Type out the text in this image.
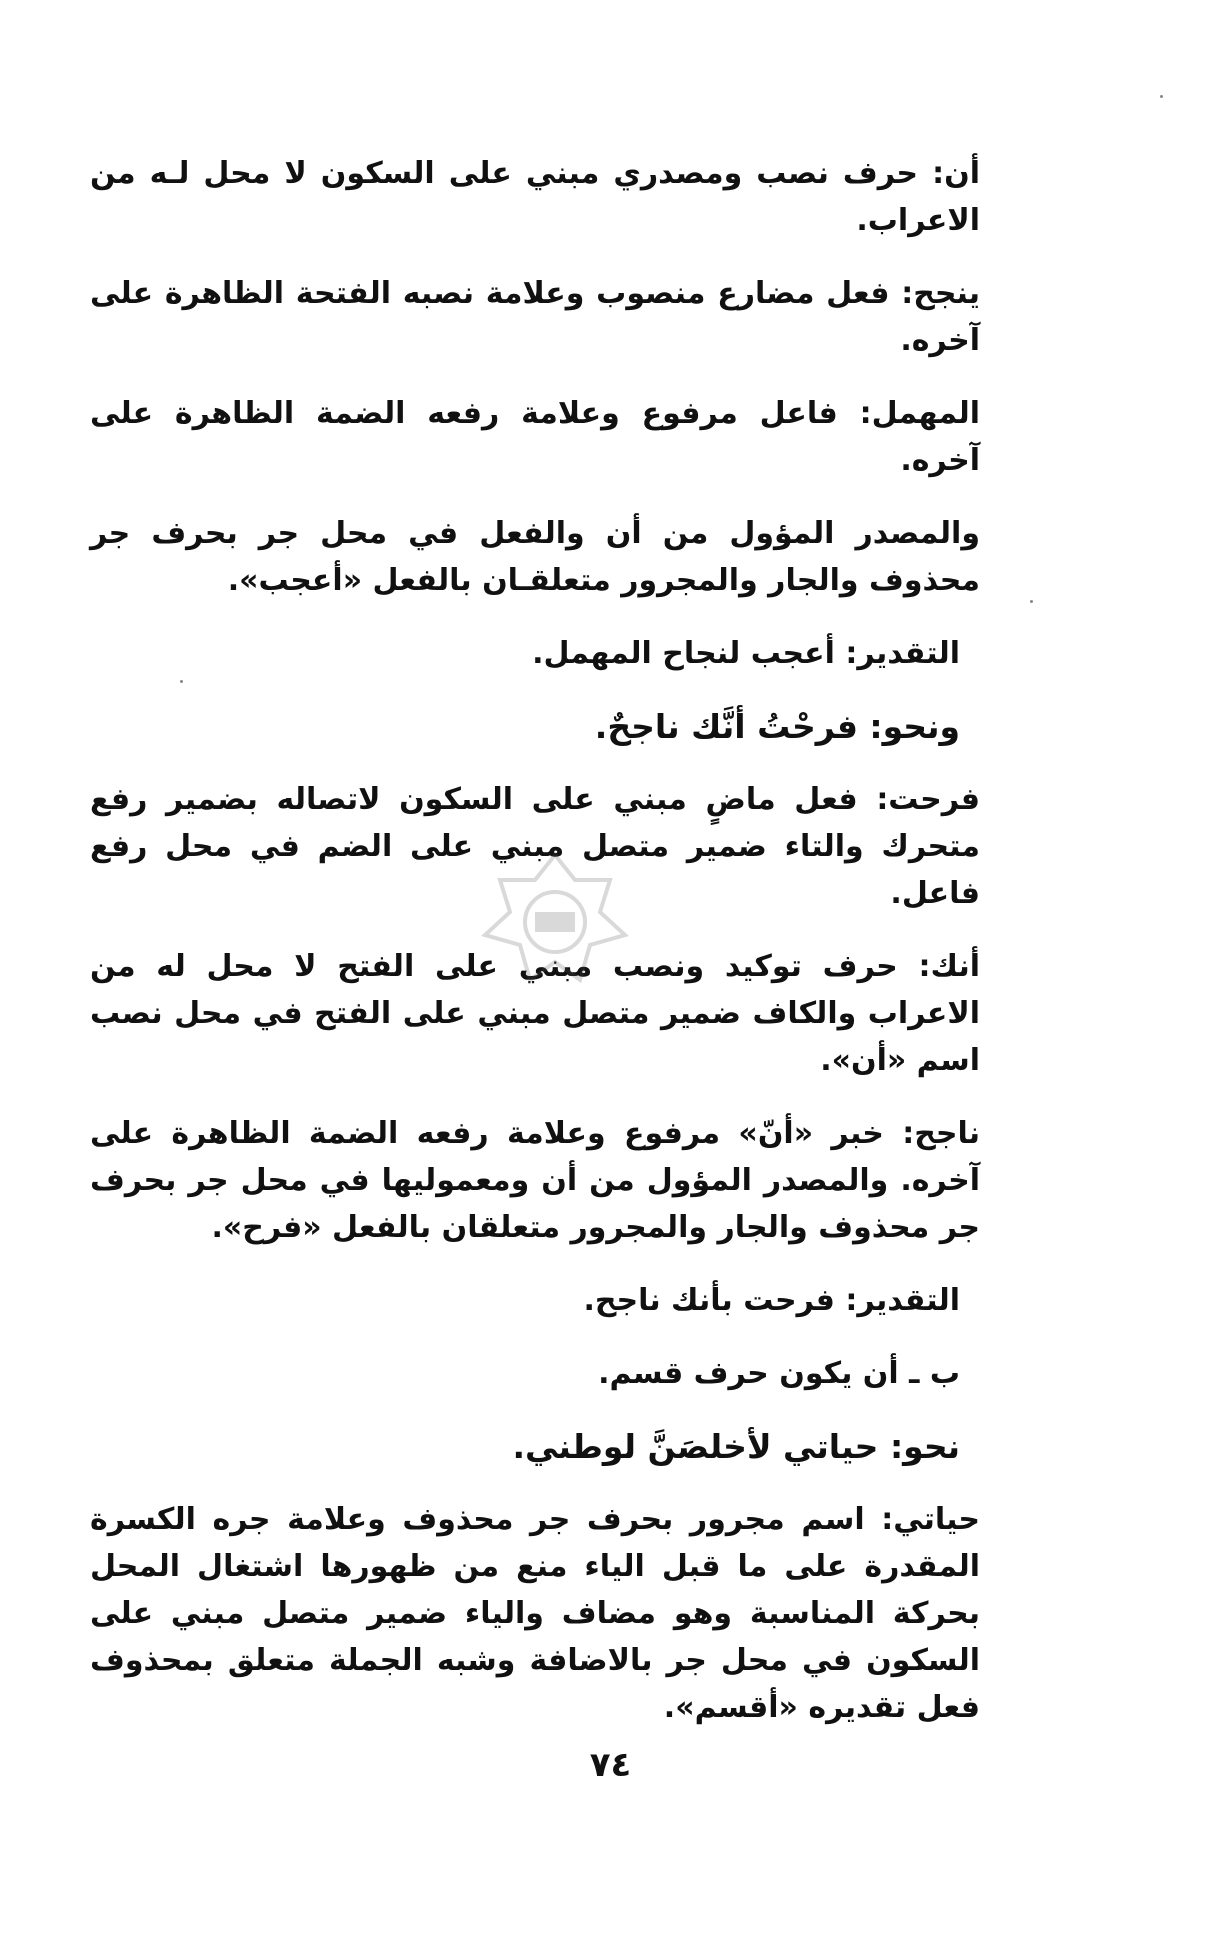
أن: حرف نصب ومصدري مبني على السكون لا محل لـه من الاعراب.

ينجح: فعل مضارع منصوب وعلامة نصبه الفتحة الظاهرة على آخره.

المهمل: فاعل مرفوع وعلامة رفعه الضمة الظاهرة على آخره.

والمصدر المؤول من أن والفعل في محل جر بحرف جر محذوف والجار والمجرور متعلقـان بالفعل «أعجب».

التقدير: أعجب لنجاح المهمل.

ونحو: فرحْتُ أنَّك ناجحٌ.

فرحت: فعل ماضٍ مبني على السكون لاتصاله بضمير رفع متحرك والتاء ضمير متصل مبني على الضم في محل رفع فاعل.

أنك: حرف توكيد ونصب مبني على الفتح لا محل له من الاعراب والكاف ضمير متصل مبني على الفتح في محل نصب اسم «أن».

ناجح: خبر «أنّ» مرفوع وعلامة رفعه الضمة الظاهرة على آخره. والمصدر المؤول من أن ومعموليها في محل جر بحرف جر محذوف والجار والمجرور متعلقان بالفعل «فرح».

التقدير: فرحت بأنك ناجح.

ب ـ أن يكون حرف قسم.

نحو: حياتي لأخلصَنَّ لوطني.

حياتي: اسم مجرور بحرف جر محذوف وعلامة جره الكسرة المقدرة على ما قبل الياء منع من ظهورها اشتغال المحل بحركة المناسبة وهو مضاف والياء ضمير متصل مبني على السكون في محل جر بالاضافة وشبه الجملة متعلق بمحذوف فعل تقديره «أقسم».

٧٤
